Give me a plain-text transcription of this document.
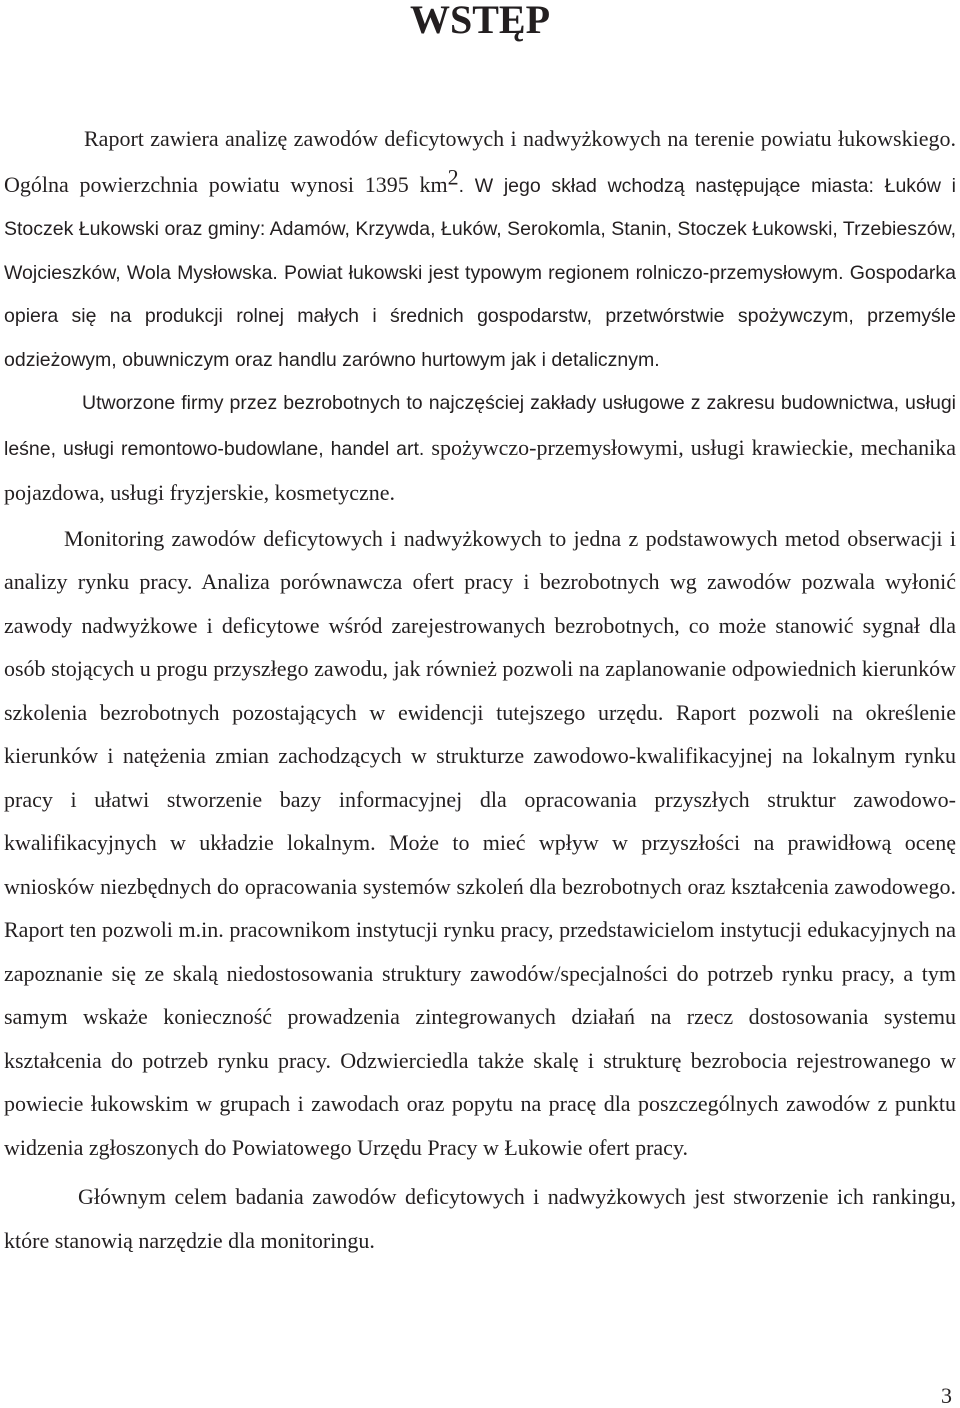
WSTĘP

Raport zawiera analizę zawodów deficytowych i nadwyżkowych na terenie powiatu łukowskiego. Ogólna powierzchnia powiatu wynosi 1395 $km^2$. W jego skład wchodzą następujące miasta: Łuków i Stoczek Łukowski oraz gminy: Adamów, Krzywda, Łuków, Serokomla, Stanin, Stoczek Łukowski, Trzebieszów, Wojcieszków, Wola Mysłowska. Powiat łukowski jest typowym regionem rolniczo-przemysłowym. Gospodarka opiera się na produkcji rolnej małych i średnich gospodarstw, przetwórstwie spożywczym, przemyśle odzieżowym, obuwniczym oraz handlu zarówno hurtowym jak i detalicznym.

Utworzone firmy przez bezrobotnych to najczęściej zakłady usługowe z zakresu budownictwa, usługi leśne, usługi remontowo-budowlane, handel art. spożywczo-przemysłowymi, usługi krawieckie, mechanika pojazdowa, usługi fryzjerskie, kosmetyczne.

Monitoring zawodów deficytowych i nadwyżkowych to jedna z podstawowych metod obserwacji i analizy rynku pracy. Analiza porównawcza ofert pracy i bezrobotnych wg zawodów pozwala wyłonić zawody nadwyżkowe i deficytowe wśród zarejestrowanych bezrobotnych, co może stanowić sygnał dla osób stojących u progu przyszłego zawodu, jak również pozwoli na zaplanowanie odpowiednich kierunków szkolenia bezrobotnych pozostających w ewidencji tutejszego urzędu. Raport pozwoli na określenie kierunków i natężenia zmian zachodzących w strukturze zawodowo-kwalifikacyjnej na lokalnym rynku pracy i ułatwi stworzenie bazy informacyjnej dla opracowania przyszłych struktur zawodowo-kwalifikacyjnych w układzie lokalnym. Może to mieć wpływ w przyszłości na prawidłową ocenę wniosków niezbędnych do opracowania systemów szkoleń dla bezrobotnych oraz kształcenia zawodowego. Raport ten pozwoli m.in. pracownikom instytucji rynku pracy, przedstawicielom instytucji edukacyjnych na zapoznanie się ze skalą niedostosowania struktury zawodów/specjalności do potrzeb rynku pracy, a tym samym wskaże konieczność prowadzenia zintegrowanych działań na rzecz dostosowania systemu kształcenia do potrzeb rynku pracy. Odzwierciedla także skalę i strukturę bezrobocia rejestrowanego w powiecie łukowskim w grupach i zawodach oraz popytu na pracę dla poszczególnych zawodów z punktu widzenia zgłoszonych do Powiatowego Urzędu Pracy w Łukowie ofert pracy.

Głównym celem badania zawodów deficytowych i nadwyżkowych jest stworzenie ich rankingu, które stanowią narzędzie dla monitoringu.

3
